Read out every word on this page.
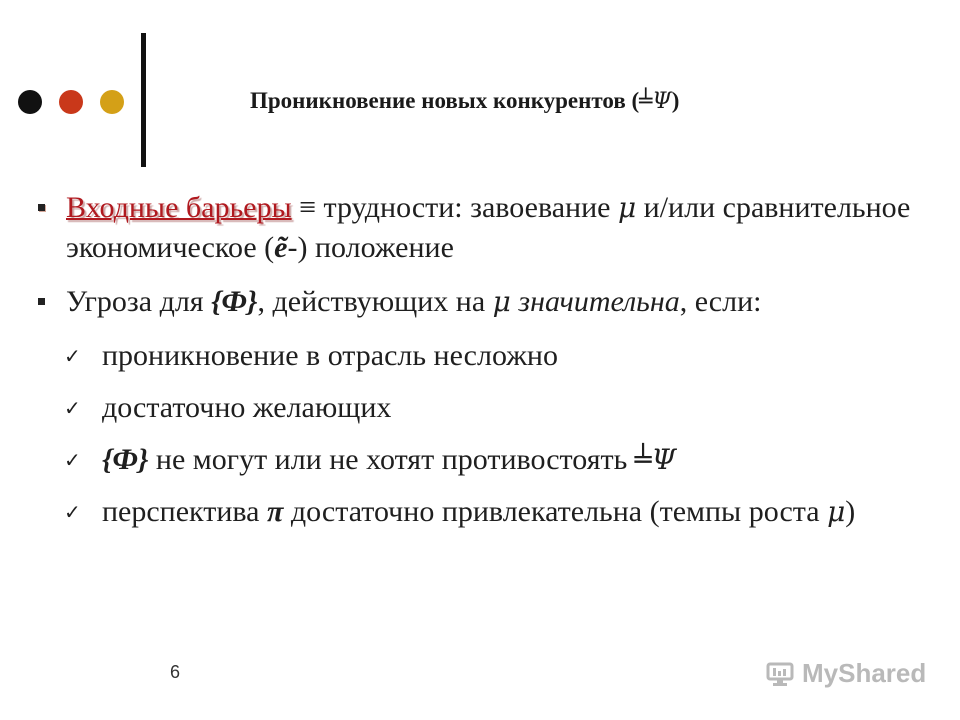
Проникновение новых конкурентов (╧Ψ)
Входные барьеры ≡ трудности: завоевание μ и/или сравнительное экономическое (ẽ-) положение
Угроза для {Ф}, действующих на μ значительна, если:
✓ проникновение в отрасль несложно
✓ достаточно желающих
✓ {Ф} не могут или не хотят противостоять ╧Ψ
✓ перспектива π достаточно привлекательна (темпы роста μ)
6	MyShared
